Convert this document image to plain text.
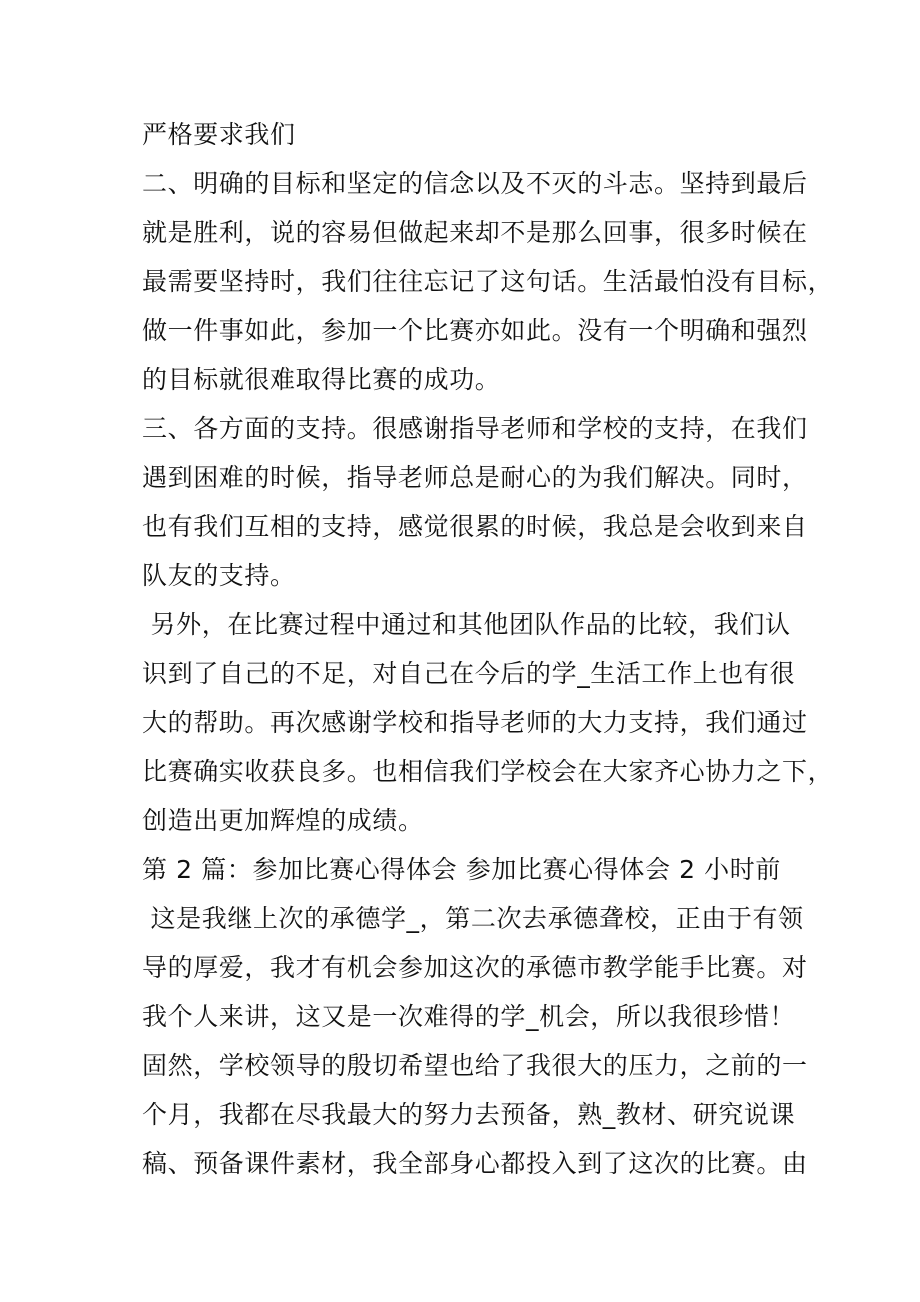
严格要求我们
二、明确的目标和坚定的信念以及不灭的斗志。坚持到最后
就是胜利，说的容易但做起来却不是那么回事，很多时候在
最需要坚持时，我们往往忘记了这句话。生活最怕没有目标，
做一件事如此，参加一个比赛亦如此。没有一个明确和强烈
的目标就很难取得比赛的成功。
三、各方面的支持。很感谢指导老师和学校的支持，在我们
遇到困难的时候，指导老师总是耐心的为我们解决。同时，
也有我们互相的支持，感觉很累的时候，我总是会收到来自
队友的支持。
另外，在比赛过程中通过和其他团队作品的比较，我们认
识到了自己的不足，对自己在今后的学_生活工作上也有很
大的帮助。再次感谢学校和指导老师的大力支持，我们通过
比赛确实收获良多。也相信我们学校会在大家齐心协力之下，
创造出更加辉煌的成绩。
第 2 篇：参加比赛心得体会 参加比赛心得体会 2 小时前
这是我继上次的承德学_，第二次去承德聋校，正由于有领
导的厚爱，我才有机会参加这次的承德市教学能手比赛。对
我个人来讲，这又是一次难得的学_机会，所以我很珍惜！
固然，学校领导的殷切希望也给了我很大的压力，之前的一
个月，我都在尽我最大的努力去预备，熟_教材、研究说课
稿、预备课件素材，我全部身心都投入到了这次的比赛。由
